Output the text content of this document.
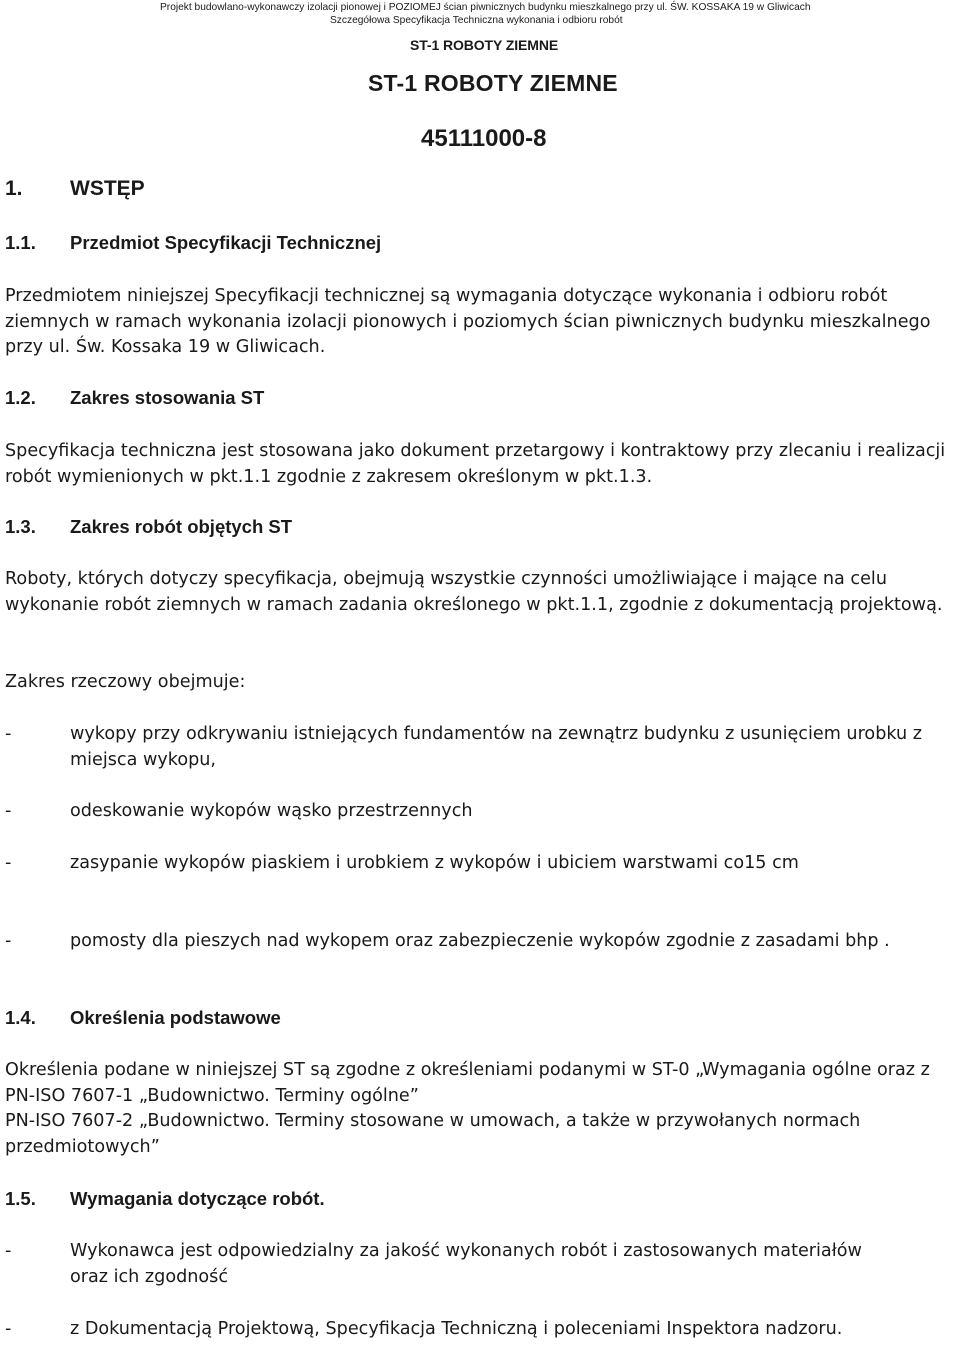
Projekt budowlano-wykonawczy izolacji pionowej i POZIOMEJ ścian piwnicznych budynku mieszkalnego przy ul. ŚW. KOSSAKA 19 w Gliwicach
Szczegółowa Specyfikacja Techniczna wykonania i odbioru robót
ST-1 ROBOTY ZIEMNE
ST-1 ROBOTY ZIEMNE
45111000-8
1. WSTĘP
1.1. Przedmiot Specyfikacji Technicznej

Przedmiotem niniejszej Specyfikacji technicznej są wymagania dotyczące wykonania i odbioru robót ziemnych w ramach wykonania izolacji pionowych i poziomych ścian piwnicznych budynku mieszkalnego przy ul. Św. Kossaka 19 w Gliwicach.

1.2. Zakres stosowania ST

Specyfikacja techniczna jest stosowana jako dokument przetargowy i kontraktowy przy zlecaniu i realizacji robót wymienionych w pkt.1.1 zgodnie z zakresem określonym w pkt.1.3.

1.3. Zakres robót objętych ST

Roboty, których dotyczy specyfikacja, obejmują wszystkie czynności umożliwiające i mające na celu wykonanie robót ziemnych w ramach zadania określonego w pkt.1.1, zgodnie z dokumentacją projektową.

Zakres rzeczowy obejmuje:

-	wykopy przy odkrywaniu istniejących fundamentów na zewnątrz budynku z usunięciem urobku z miejsca wykopu,
-	odeskowanie wykopów wąsko przestrzennych
-	zasypanie wykopów piaskiem i urobkiem z wykopów i ubiciem warstwami co15 cm
-	pomosty dla pieszych nad wykopem oraz zabezpieczenie wykopów zgodnie z zasadami bhp .
1.4. Określenia podstawowe

Określenia podane w niniejszej ST są zgodne z określeniami podanymi w ST-0 „Wymagania ogólne oraz z PN-ISO 7607-1 „Budownictwo. Terminy ogólne”

PN-ISO 7607-2 „Budownictwo. Terminy stosowane w umowach, a także w przywołanych normach przedmiotowych”

1.5. Wymagania dotyczące robót.
-	Wykonawca jest odpowiedzialny za jakość wykonanych robót i zastosowanych materiałów oraz ich zgodność
-	z Dokumentacją Projektową, Specyfikacja Techniczną i poleceniami Inspektora nadzoru.
